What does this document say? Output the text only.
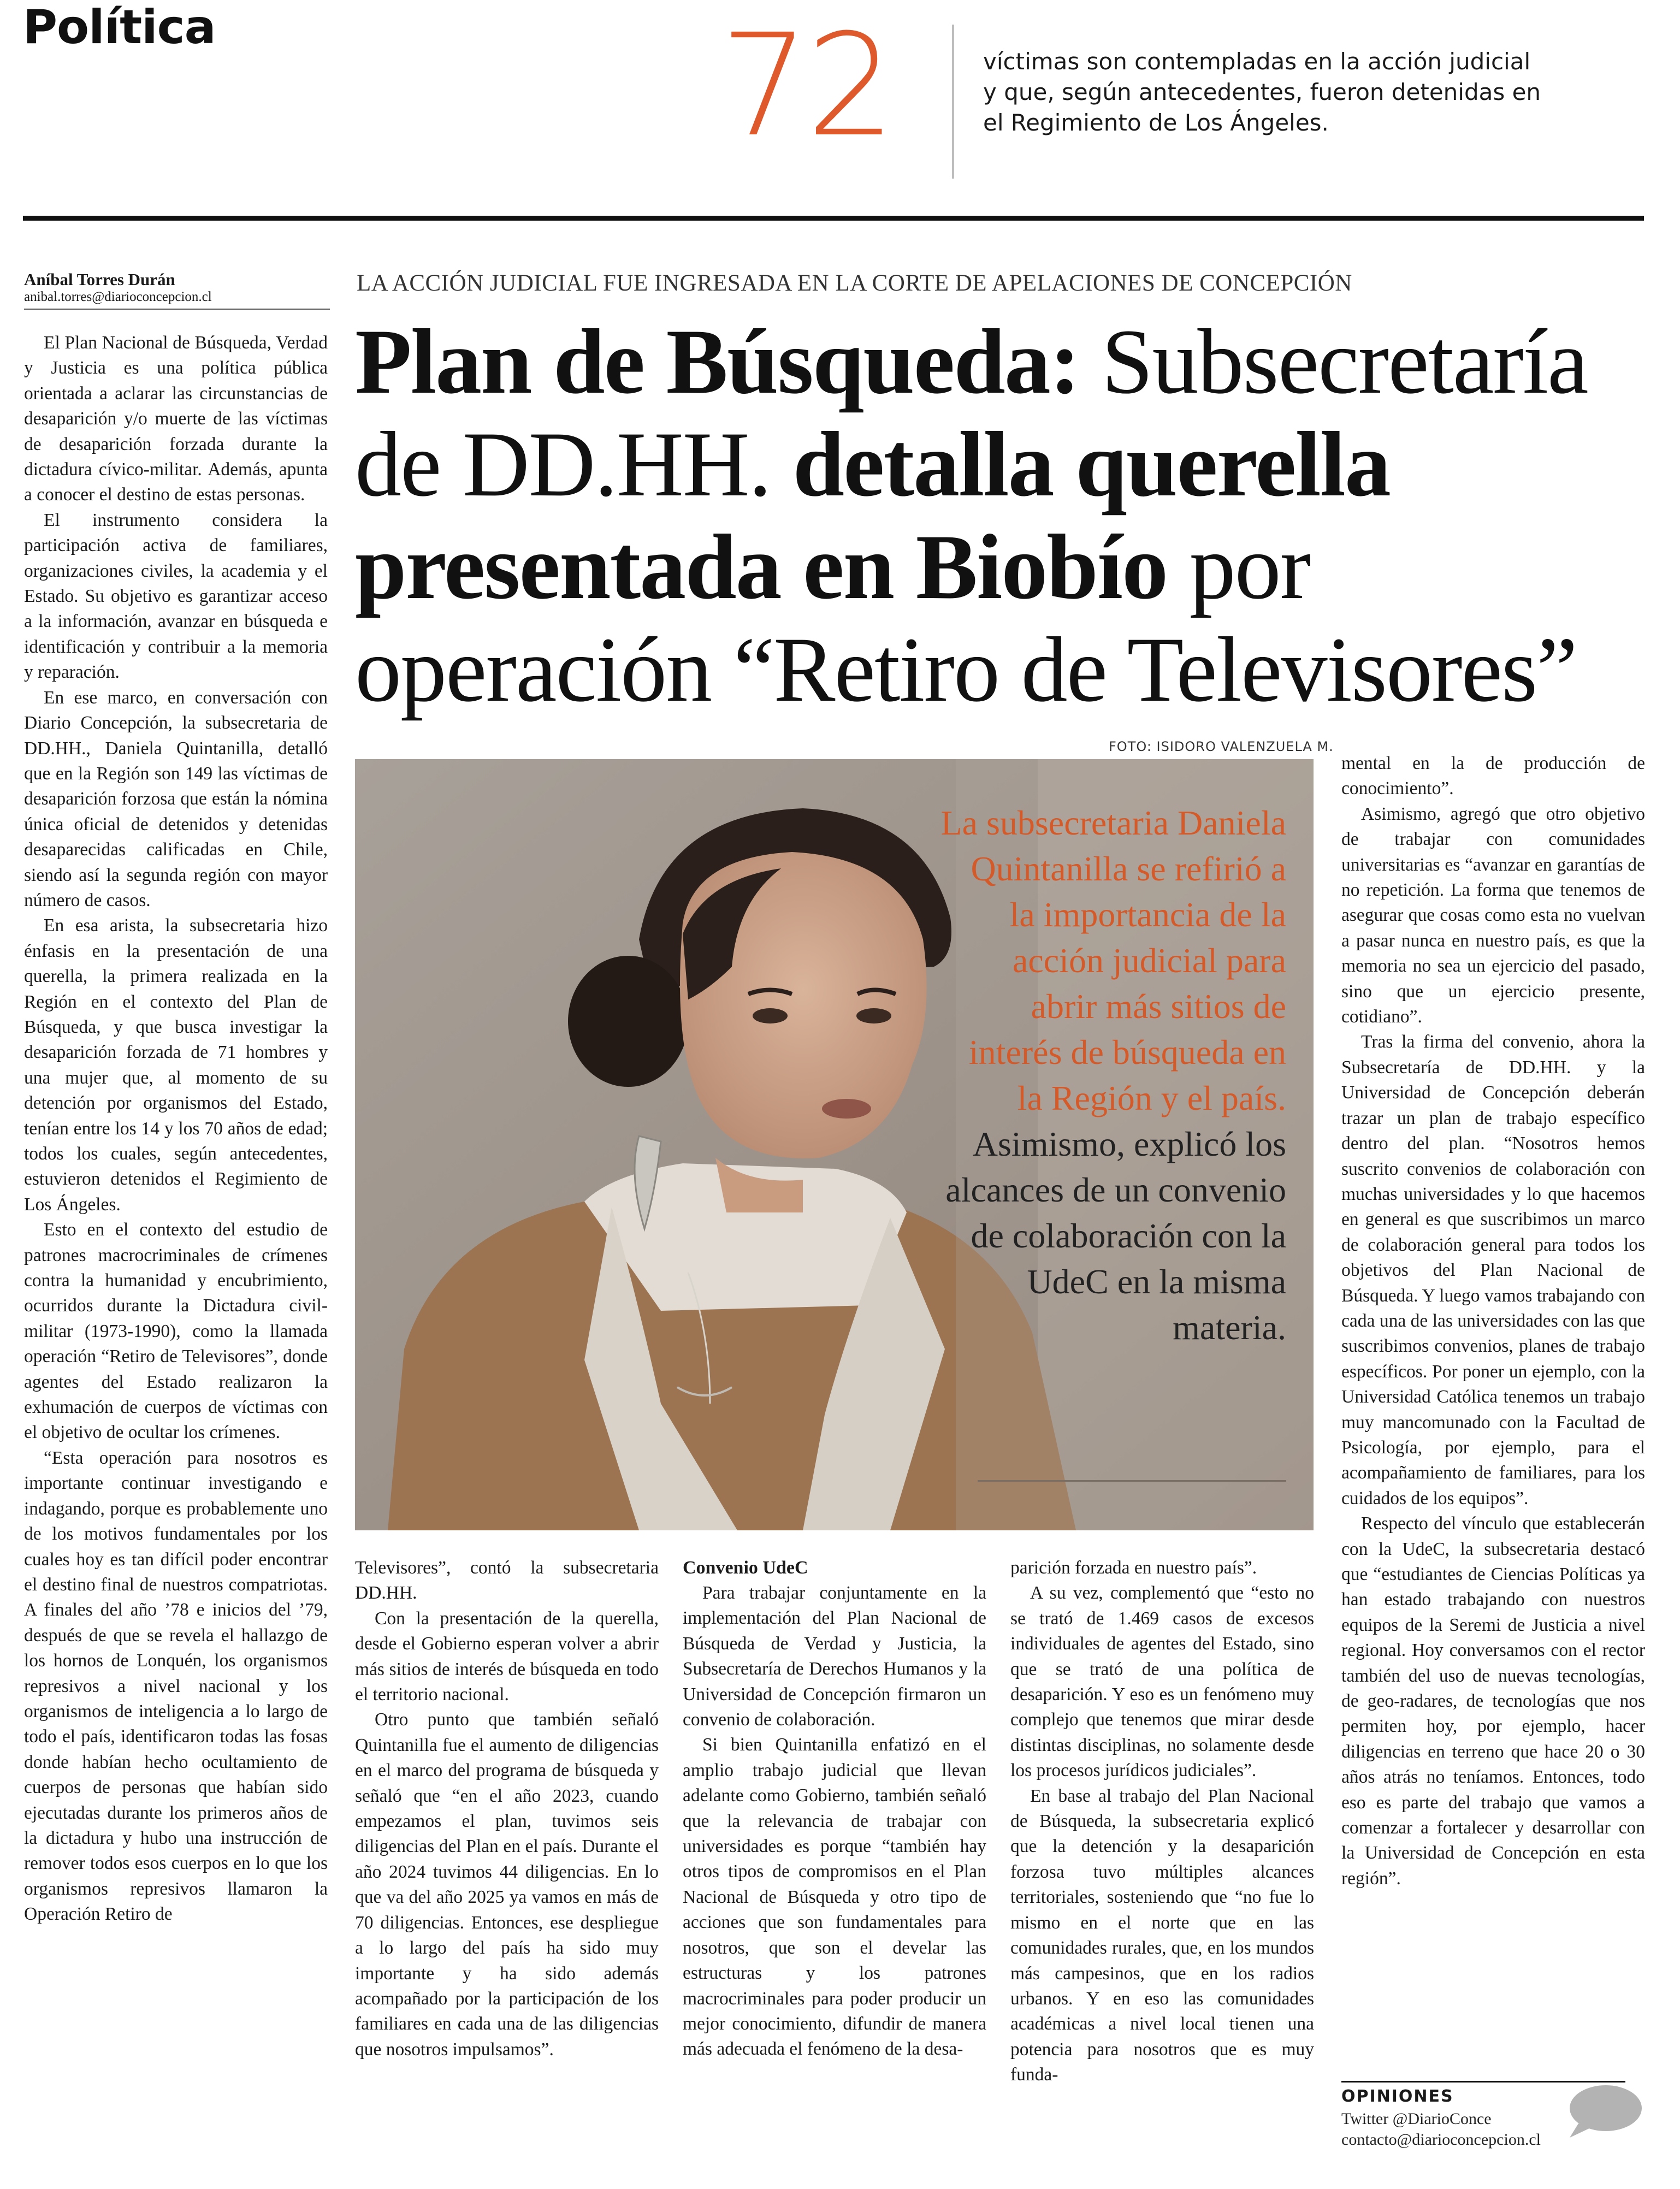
Política	72	víctimas son contempladas en la acción judicial y que, según antecedentes, fueron detenidas en el Regimiento de Los Ángeles.
Aníbal Torres Durán
anibal.torres@diarioconcepcion.cl
LA ACCIÓN JUDICIAL FUE INGRESADA EN LA CORTE DE APELACIONES DE CONCEPCIÓN
Plan de Búsqueda: Subsecretaría de DD.HH. detalla querella presentada en Biobío por operación “Retiro de Televisores”

El Plan Nacional de Búsqueda, Verdad y Justicia es una política pública orientada a aclarar las circunstancias de desaparición y/o muerte de las víctimas de desaparición forzada durante la dictadura cívico-militar. Además, apunta a conocer el destino de estas personas.

El instrumento considera la participación activa de familiares, organizaciones civiles, la academia y el Estado. Su objetivo es garantizar acceso a la información, avanzar en búsqueda e identificación y contribuir a la memoria y reparación.

En ese marco, en conversación con Diario Concepción, la subsecretaria de DD.HH., Daniela Quintanilla, detalló que en la Región son 149 las víctimas de desaparición forzosa que están la nómina única oficial de detenidos y detenidas desaparecidas calificadas en Chile, siendo así la segunda región con mayor número de casos.

En esa arista, la subsecretaria hizo énfasis en la presentación de una querella, la primera realizada en la Región en el contexto del Plan de Búsqueda, y que busca investigar la desaparición forzada de 71 hombres y una mujer que, al momento de su detención por organismos del Estado, tenían entre los 14 y los 70 años de edad; todos los cuales, según antecedentes, estuvieron detenidos el Regimiento de Los Ángeles.

Esto en el contexto del estudio de patrones macrocriminales de crímenes contra la humanidad y encubrimiento, ocurridos durante la Dictadura civil-militar (1973-1990), como la llamada operación “Retiro de Televisores”, donde agentes del Estado realizaron la exhumación de cuerpos de víctimas con el objetivo de ocultar los crímenes.

“Esta operación para nosotros es importante continuar investigando e indagando, porque es probablemente uno de los motivos fundamentales por los cuales hoy es tan difícil poder encontrar el destino final de nuestros compatriotas. A finales del año ’78 e inicios del ’79, después de que se revela el hallazgo de los hornos de Lonquén, los organismos represivos a nivel nacional y los organismos de inteligencia a lo largo de todo el país, identificaron todas las fosas donde habían hecho ocultamiento de cuerpos de personas que habían sido ejecutadas durante los primeros años de la dictadura y hubo una instrucción de remover todos esos cuerpos en lo que los organismos represivos llamaron la Operación Retiro de

FOTO: ISIDORO VALENZUELA M.
La subsecretaria Daniela Quintanilla se refirió a la importancia de la acción judicial para abrir más sitios de interés de búsqueda en la Región y el país. Asimismo, explicó los alcances de un convenio de colaboración con la UdeC en la misma materia.

Televisores”, contó la subsecretaria DD.HH.

Con la presentación de la querella, desde el Gobierno esperan volver a abrir más sitios de interés de búsqueda en todo el territorio nacional.

Otro punto que también señaló Quintanilla fue el aumento de diligencias en el marco del programa de búsqueda y señaló que “en el año 2023, cuando empezamos el plan, tuvimos seis diligencias del Plan en el país. Durante el año 2024 tuvimos 44 diligencias. En lo que va del año 2025 ya vamos en más de 70 diligencias. Entonces, ese despliegue a lo largo del país ha sido muy importante y ha sido además acompañado por la participación de los familiares en cada una de las diligencias que nosotros impulsamos”.

Convenio UdeC

Para trabajar conjuntamente en la implementación del Plan Nacional de Búsqueda de Verdad y Justicia, la Subsecretaría de Derechos Humanos y la Universidad de Concepción firmaron un convenio de colaboración.

Si bien Quintanilla enfatizó en el amplio trabajo judicial que llevan adelante como Gobierno, también señaló que la relevancia de trabajar con universidades es porque “también hay otros tipos de compromisos en el Plan Nacional de Búsqueda y otro tipo de acciones que son fundamentales para nosotros, que son el develar las estructuras y los patrones macrocriminales para poder producir un mejor conocimiento, difundir de manera más adecuada el fenómeno de la desa-

parición forzada en nuestro país”.

A su vez, complementó que “esto no se trató de 1.469 casos de excesos individuales de agentes del Estado, sino que se trató de una política de desaparición. Y eso es un fenómeno muy complejo que tenemos que mirar desde distintas disciplinas, no solamente desde los procesos jurídicos judiciales”.

En base al trabajo del Plan Nacional de Búsqueda, la subsecretaria explicó que la detención y la desaparición forzosa tuvo múltiples alcances territoriales, sosteniendo que “no fue lo mismo en el norte que en las comunidades rurales, que, en los mundos más campesinos, que en los radios urbanos. Y en eso las comunidades académicas a nivel local tienen una potencia para nosotros que es muy funda-

mental en la de producción de conocimiento”.

Asimismo, agregó que otro objetivo de trabajar con comunidades universitarias es “avanzar en garantías de no repetición. La forma que tenemos de asegurar que cosas como esta no vuelvan a pasar nunca en nuestro país, es que la memoria no sea un ejercicio del pasado, sino que un ejercicio presente, cotidiano”.

Tras la firma del convenio, ahora la Subsecretaría de DD.HH. y la Universidad de Concepción deberán trazar un plan de trabajo específico dentro del plan. “Nosotros hemos suscrito convenios de colaboración con muchas universidades y lo que hacemos en general es que suscribimos un marco de colaboración general para todos los objetivos del Plan Nacional de Búsqueda. Y luego vamos trabajando con cada una de las universidades con las que suscribimos convenios, planes de trabajo específicos. Por poner un ejemplo, con la Universidad Católica tenemos un trabajo muy mancomunado con la Facultad de Psicología, por ejemplo, para el acompañamiento de familiares, para los cuidados de los equipos”.

Respecto del vínculo que establecerán con la UdeC, la subsecretaria destacó que “estudiantes de Ciencias Políticas ya han estado trabajando con nuestros equipos de la Seremi de Justicia a nivel regional. Hoy conversamos con el rector también del uso de nuevas tecnologías, de geo-radares, de tecnologías que nos permiten hoy, por ejemplo, hacer diligencias en terreno que hace 20 o 30 años atrás no teníamos. Entonces, todo eso es parte del trabajo que vamos a comenzar a fortalecer y desarrollar con la Universidad de Concepción en esta región”.

OPINIONES
Twitter @DiarioConce
contacto@diarioconcepcion.cl
